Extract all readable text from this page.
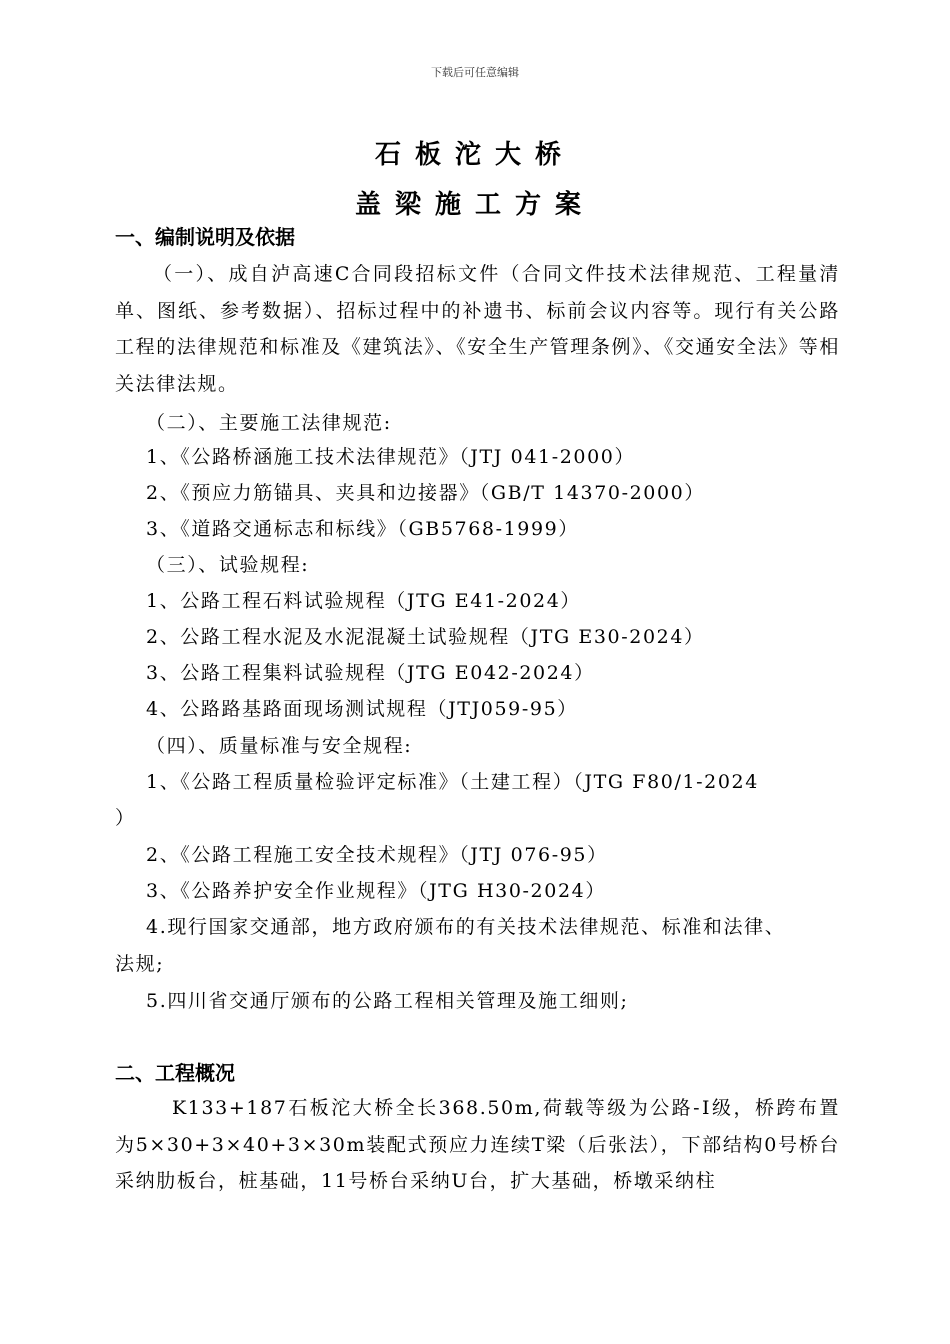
下载后可任意编辑
石板沱大桥
盖梁施工方案
一、编制说明及依据
（一）、成自泸高速C合同段招标文件（合同文件技术法律规范、工程量清单、图纸、参考数据）、招标过程中的补遗书、标前会议内容等。现行有关公路工程的法律规范和标准及《建筑法》、《安全生产管理条例》、《交通安全法》等相关法律法规。
（二）、主要施工法律规范:
1、《公路桥涵施工技术法律规范》（JTJ 041-2000）
2、《预应力筋锚具、夹具和边接器》（GB/T 14370-2000）
3、《道路交通标志和标线》（GB5768-1999）
（三）、试验规程:
1、公路工程石料试验规程（JTG E41-2024）
2、公路工程水泥及水泥混凝土试验规程（JTG E30-2024）
3、公路工程集料试验规程（JTG E042-2024）
4、公路路基路面现场测试规程（JTJ059-95）
（四）、质量标准与安全规程:
1、《公路工程质量检验评定标准》（土建工程）（JTG F80/1-2024
）
2、《公路工程施工安全技术规程》（JTJ 076-95）
3、《公路养护安全作业规程》（JTG H30-2024）
4.现行国家交通部，地方政府颁布的有关技术法律规范、标准和法律、
法规;
5.四川省交通厅颁布的公路工程相关管理及施工细则;
二、工程概况
K133+187石板沱大桥全长368.50m,荷载等级为公路-Ⅰ级，桥跨布置为5×30+3×40+3×30m装配式预应力连续T梁（后张法），下部结构0号桥台采纳肋板台，桩基础，11号桥台采纳U台，扩大基础，桥墩采纳柱
